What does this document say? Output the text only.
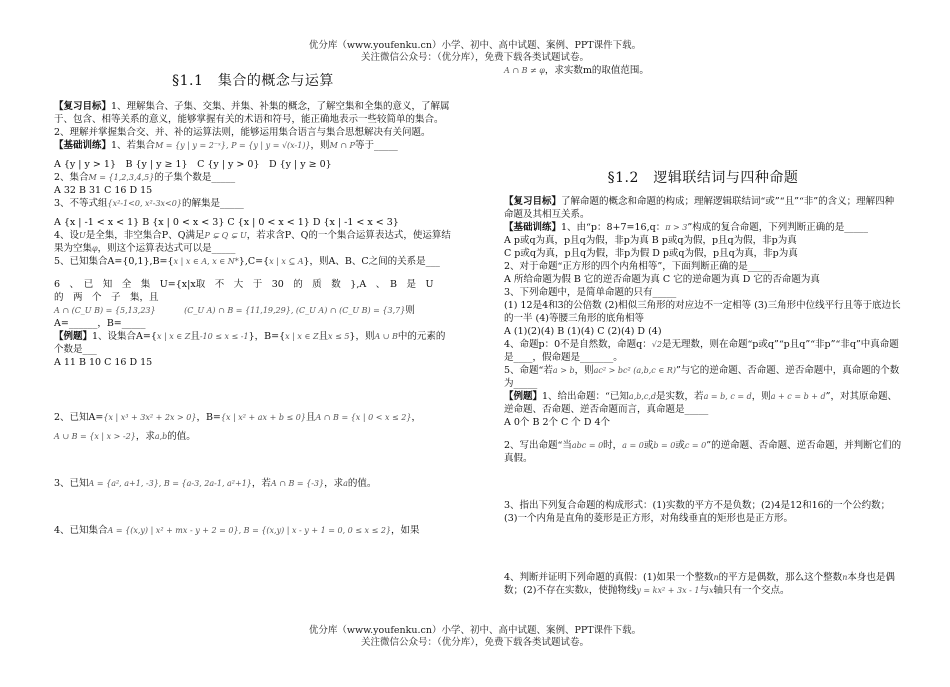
优分库（www.youfenku.cn）小学、初中、高中试题、案例、PPT课件下载。
关注微信公众号：（优分库），免费下载各类试题试卷。
§1.1　集合的概念与运算

【复习目标】1、理解集合、子集、交集、并集、补集的概念，了解空集和全集的意义，了解属于、包含、相等关系的意义，能够掌握有关的术语和符号，能正确地表示一些较简单的集合。2、理解并掌握集合交、并、补的运算法则，能够运用集合语言与集合思想解决有关问题。

【基础训练】1、若集合M = {y | y = 2⁻ˣ}, P = {y | y = √(x-1)}，则M ∩ P等于_____

A {y | y > 1}　B {y | y ≥ 1}　C {y | y > 0}　D {y | y ≥ 0}

2、集合M = {1,2,3,4,5}的子集个数是_____

A 32 B 31 C 16 D 15

3、不等式组{x²-1<0, x²-3x<0}的解集是_____

A {x | -1 < x < 1} B {x | 0 < x < 3} C {x | 0 < x < 1} D {x | -1 < x < 3}

4、设U是全集，非空集合P、Q满足P ⊊ Q ⊊ U，若求含P、Q的一个集合运算表达式，使运算结果为空集φ，则这个运算表达式可以是_____

5、已知集合A={0,1},B={x | x ∈ A, x ∈ N*},C={x | x ⊆ A}，则A、B、C之间的关系是___

6　、　已　知　全　集　U={x|x取　不　大　于　30　的　质　数　},A　、　B　是　U　的　两　个　子　集，且

A ∩ (C_U B) = {5,13,23}　　　	(C_U A) ∩ B = {11,19,29}, (C_U A) ∩ (C_U B) = {3,7}则

A=______，B=_____

【例题】1、设集合A={x | x ∈ Z且-10 ≤ x ≤ -1}，B={x | x ∈ Z且x ≤ 5}，则A ∪ B中的元素的个数是___

A 11 B 10 C 16 D 15

2、已知A={x | x³ + 3x² + 2x > 0}，B={x | x² + ax + b ≤ 0}且A ∩ B = {x | 0 < x ≤ 2}，

A ∪ B = {x | x > -2}，求a,b的值。

3、已知A = {a², a+1, -3}, B = {a-3, 2a-1, a²+1}，若A ∩ B = {-3}，求a的值。

4、已知集合A = {(x,y) | x² + mx - y + 2 = 0}, B = {(x,y) | x - y + 1 = 0, 0 ≤ x ≤ 2}，如果

A ∩ B ≠ φ，求实数m的取值范围。

§1.2　逻辑联结词与四种命题

【复习目标】了解命题的概念和命题的构成；理解逻辑联结词“或”“且”“非”的含义；理解四种命题及其相互关系。

【基础训练】1、由“p：8+7=16,q：π > 3”构成的复合命题，下列判断正确的是_____

A p或q为真，p且q为假，非p为真 B p或q为假，p且q为假，非p为真

C p或q为真，p且q为假，非p为假 D p或q为假，p且q为真，非p为真

2、对于命题“正方形的四个内角相等”，下面判断正确的是_____

A 所给命题为假 B 它的逆否命题为真 C 它的逆命题为真 D 它的否命题为真

3、下列命题中，是简单命题的只有_____

(1) 12是4和3的公倍数 (2)相似三角形的对应边不一定相等 (3)三角形中位线平行且等于底边长的一半 (4)等腰三角形的底角相等

A (1)(2)(4) B (1)(4) C (2)(4) D (4)

4、命题p：0不是自然数，命题q：√2是无理数，则在命题“p或q”“p且q”“非p”“非q”中真命题是____，假命题是_______。

5、命题“若a > b，则ac² > bc² (a,b,c ∈ R)”与它的逆命题、否命题、逆否命题中，真命题的个数为_____

【例题】1、给出命题：“已知a,b,c,d是实数，若a = b, c = d，则a + c = b + d”，对其原命题、逆命题、否命题、逆否命题而言，真命题是_____

A 0个 B 2个 C 个 D 4个

2、写出命题“当abc = 0时，a = 0或b = 0或c = 0”的逆命题、否命题、逆否命题，并判断它们的真假。

3、指出下列复合命题的构成形式：(1)实数的平方不是负数；(2)4是12和16的一个公约数；(3)一个内角是直角的菱形是正方形，对角线垂直的矩形也是正方形。

4、判断并证明下列命题的真假：(1)如果一个整数n的平方是偶数，那么这个整数n本身也是偶数；(2)不存在实数k，使抛物线y = kx² + 3x - 1与x轴只有一个交点。

优分库（www.youfenku.cn）小学、初中、高中试题、案例、PPT课件下载。
关注微信公众号：（优分库），免费下载各类试题试卷。
